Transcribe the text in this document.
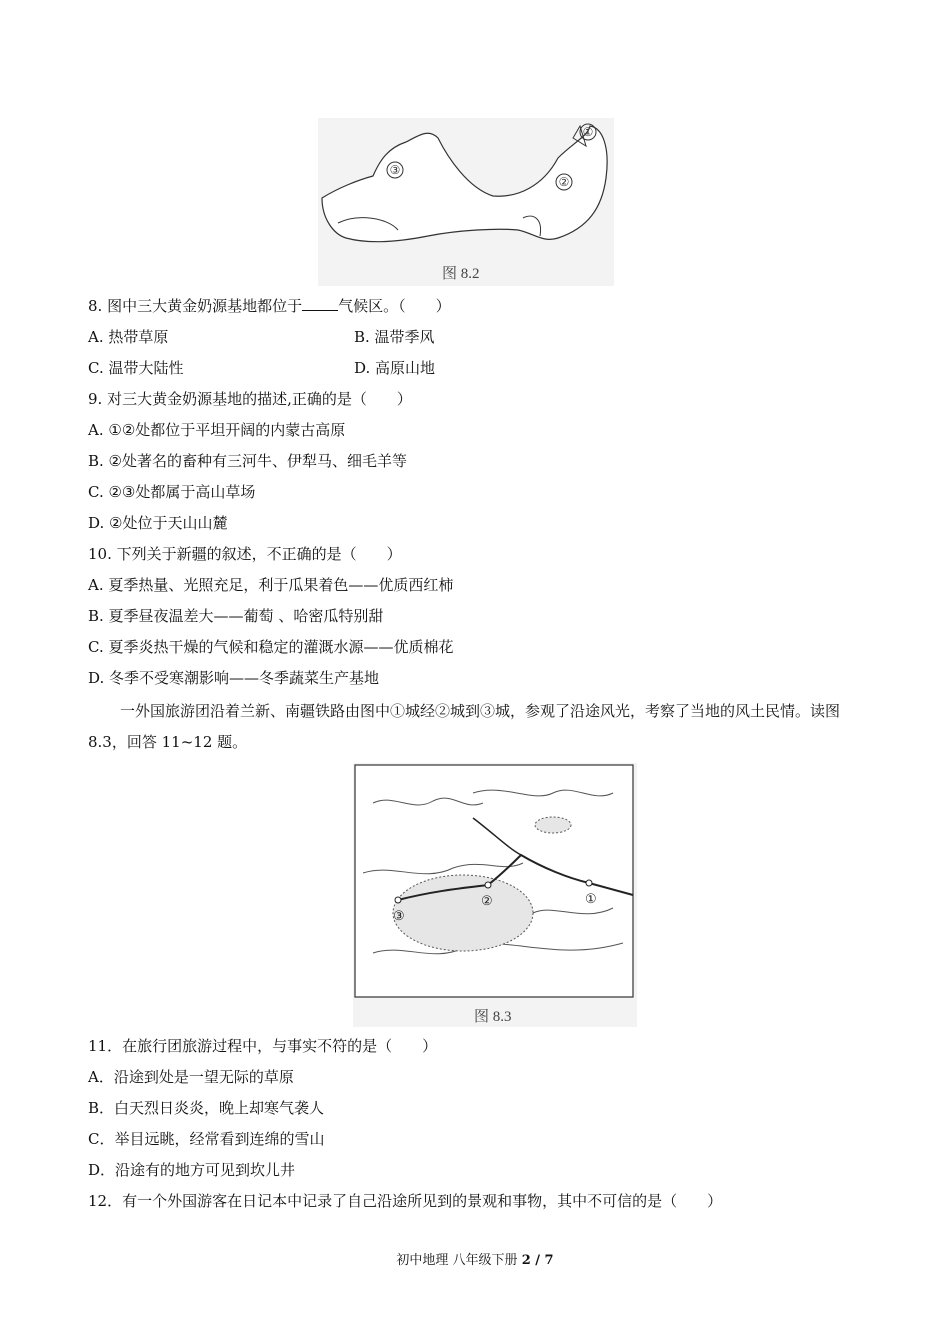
③
②
①
图 8.2
8. 图中三大黄金奶源基地都位于 气候区。（　　）
A. 热带草原	B. 温带季风
C. 温带大陆性	D. 高原山地
9. 对三大黄金奶源基地的描述,正确的是（　　）
A. ①②处都位于平坦开阔的内蒙古高原
B. ②处著名的畜种有三河牛、伊犁马、细毛羊等
C. ②③处都属于高山草场
D. ②处位于天山山麓
10. 下列关于新疆的叙述，不正确的是（　　）
A. 夏季热量、光照充足，利于瓜果着色——优质西红柿
B. 夏季昼夜温差大——葡萄 、哈密瓜特别甜
C. 夏季炎热干燥的气候和稳定的灌溉水源——优质棉花
D. 冬季不受寒潮影响——冬季蔬菜生产基地
一外国旅游团沿着兰新、南疆铁路由图中①城经②城到③城，参观了沿途风光，考察了当地的风土民情。读图 8.3，回答 11~12 题。
①
②
③
图 8.3
11．在旅行团旅游过程中，与事实不符的是（　　）
A．沿途到处是一望无际的草原
B．白天烈日炎炎，晚上却寒气袭人
C．举目远眺，经常看到连绵的雪山
D．沿途有的地方可见到坎儿井
12．有一个外国游客在日记本中记录了自己沿途所见到的景观和事物，其中不可信的是（　　）
初中地理 八年级下册 2 / 7
